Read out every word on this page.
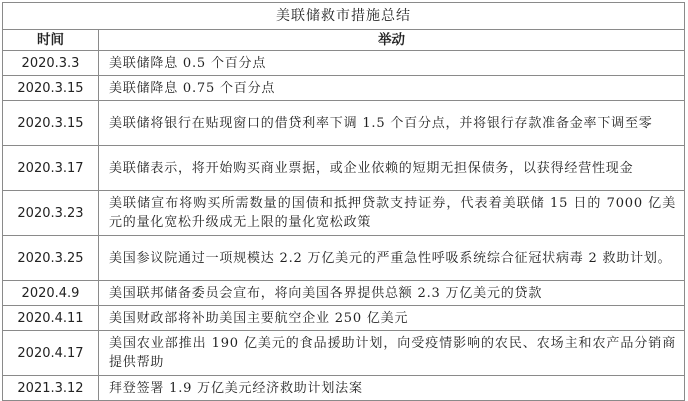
美联储救市措施总结	
时间	举动
2020.3.3	美联储降息 0.5 个百分点
2020.3.15	美联储降息 0.75 个百分点
2020.3.15	美联储将银行在贴现窗口的借贷利率下调 1.5 个百分点，并将银行存款准备金率下调至零
2020.3.17	美联储表示，将开始购买商业票据，或企业依赖的短期无担保债务，以获得经营性现金
2020.3.23	美联储宣布将购买所需数量的国债和抵押贷款支持证券，代表着美联储 15 日的 7000 亿美元的量化宽松升级成无上限的量化宽松政策
2020.3.25	美国参议院通过一项规模达 2.2 万亿美元的严重急性呼吸系统综合征冠状病毒 2 救助计划。
2020.4.9	美国联邦储备委员会宣布，将向美国各界提供总额 2.3 万亿美元的贷款
2020.4.11	美国财政部将补助美国主要航空企业 250 亿美元
2020.4.17	美国农业部推出 190 亿美元的食品援助计划，向受疫情影响的农民、农场主和农产品分销商提供帮助
2021.3.12	拜登签署 1.9 万亿美元经济救助计划法案
